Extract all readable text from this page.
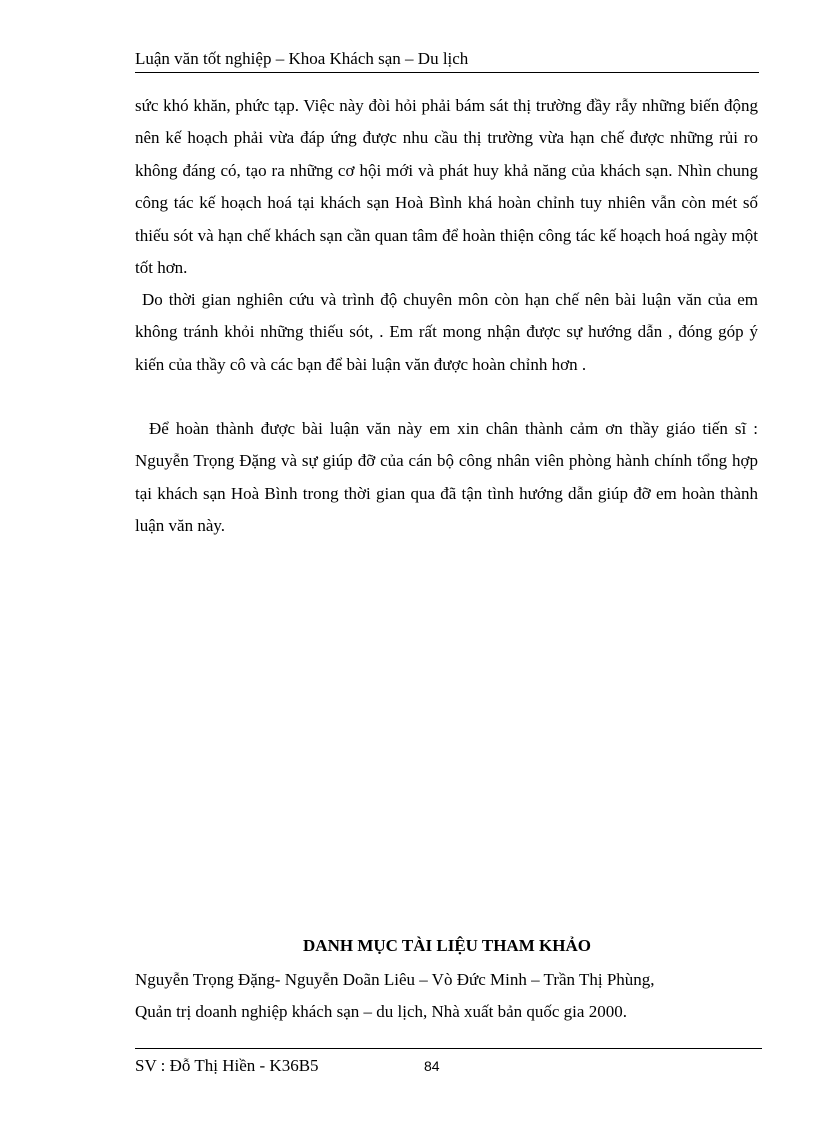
Luận văn tốt nghiệp – Khoa Khách sạn – Du lịch

sức khó khăn, phức tạp. Việc này đòi hỏi phải bám sát thị trường đầy rẫy những biến động nên kế hoạch phải vừa đáp ứng được nhu cầu thị trường vừa hạn chế được những rủi ro không đáng có, tạo ra những cơ hội mới và phát huy khả năng của khách sạn. Nhìn chung công tác kế hoạch hoá tại khách sạn Hoà Bình khá hoàn chỉnh tuy nhiên vẫn còn mét số thiếu sót và hạn chế khách sạn cần quan tâm để hoàn thiện công tác kế hoạch hoá ngày một tốt hơn.

Do thời gian nghiên cứu và trình độ chuyên môn còn hạn chế nên bài luận văn của em không tránh khỏi những thiếu sót, . Em rất mong nhận được sự hướng dẫn , đóng góp ý kiến của thầy cô và các bạn để bài luận văn được hoàn chỉnh hơn .

Để hoàn thành được bài luận văn này em xin chân thành cảm ơn thầy giáo tiến sĩ : Nguyễn Trọng Đặng và sự giúp đỡ của cán bộ công nhân viên phòng hành chính tổng hợp tại khách sạn Hoà Bình trong thời gian qua đã tận tình hướng dẫn giúp đỡ em hoàn thành luận văn này.

DANH MỤC TÀI LIỆU THAM KHẢO
Nguyễn Trọng Đặng- Nguyễn Doãn Liêu – Vò Đức Minh – Trần Thị Phùng,
Quản trị doanh nghiệp khách sạn – du lịch, Nhà xuất bản quốc gia 2000.
SV : Đỗ Thị Hiền - K36B5	84
